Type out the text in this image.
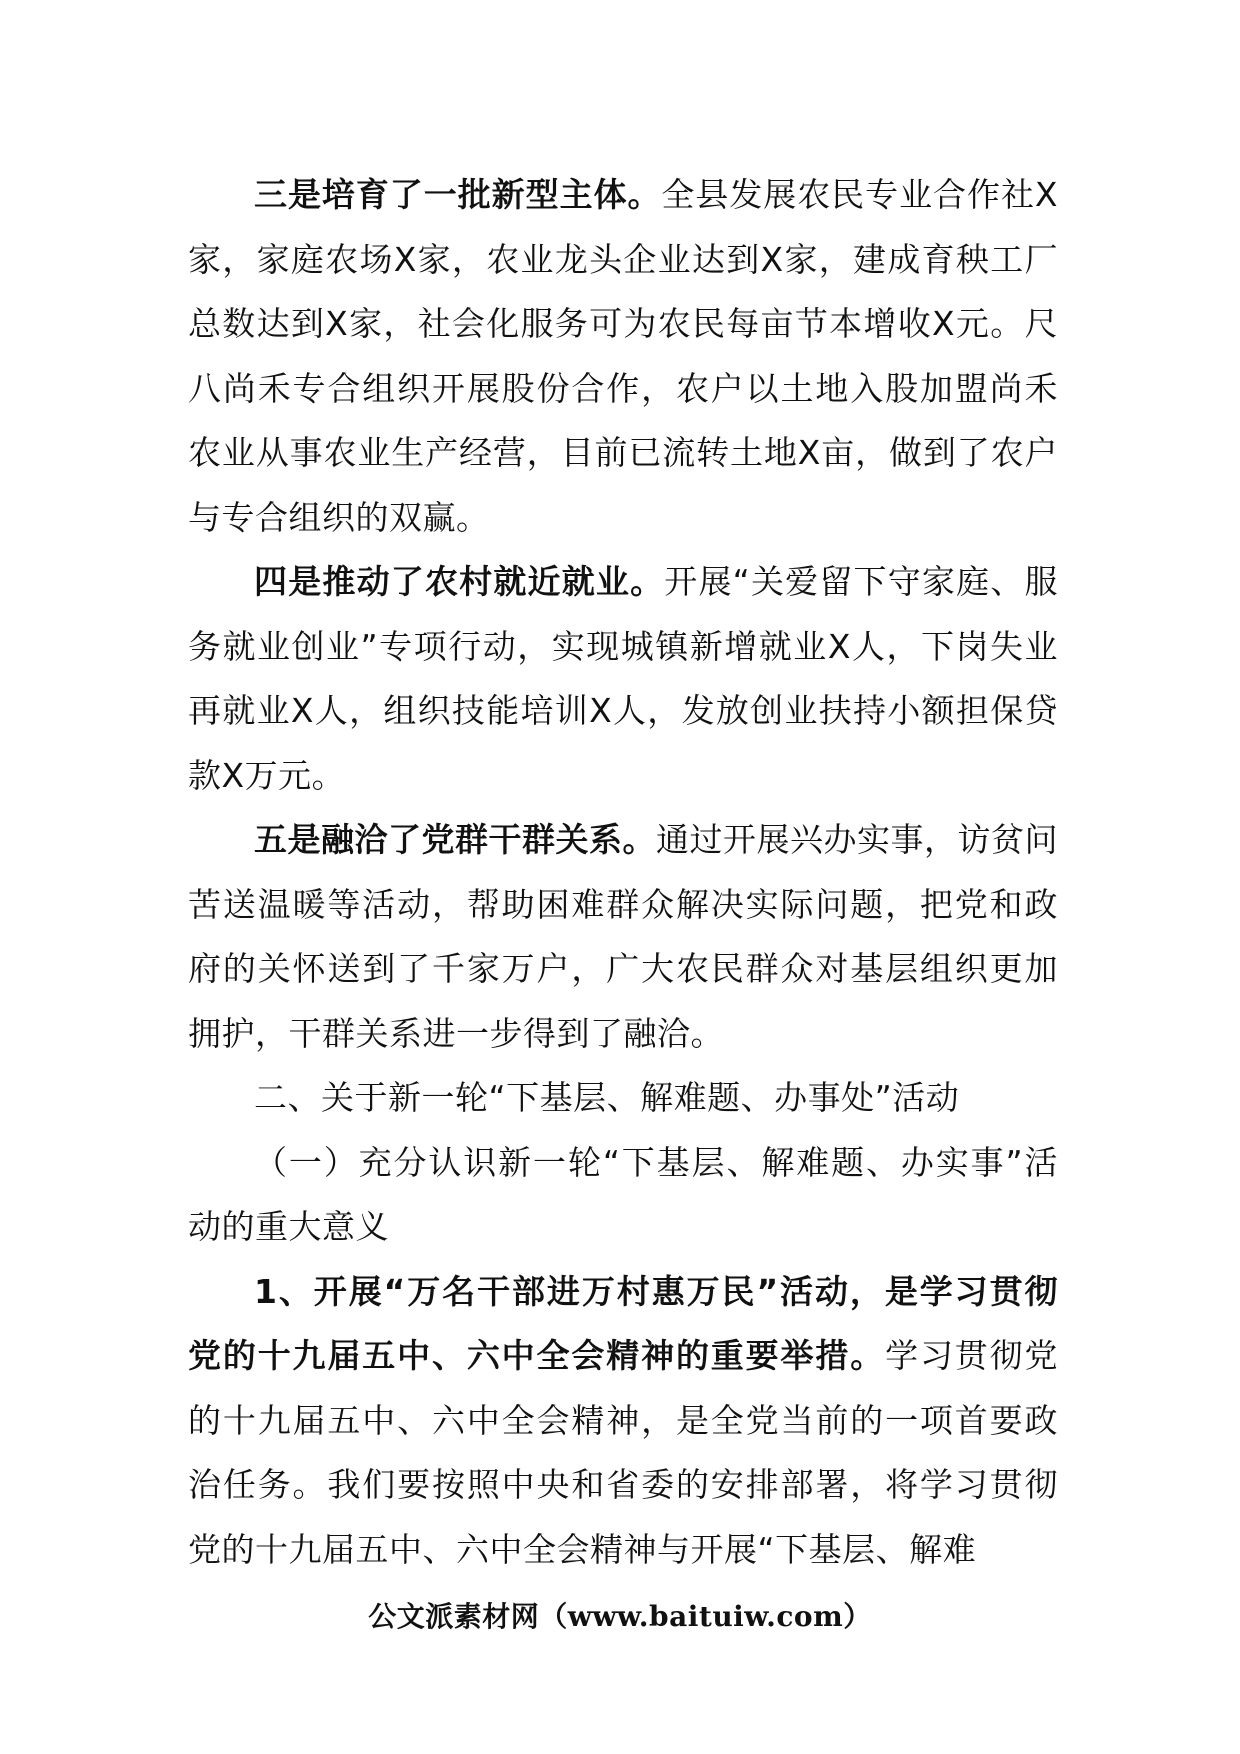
三是培育了一批新型主体。全县发展农民专业合作社X家，家庭农场X家，农业龙头企业达到X家，建成育秧工厂总数达到X家，社会化服务可为农民每亩节本增收X元。尺八尚禾专合组织开展股份合作，农户以土地入股加盟尚禾农业从事农业生产经营，目前已流转土地X亩，做到了农户与专合组织的双赢。

四是推动了农村就近就业。开展“关爱留下守家庭、服务就业创业”专项行动，实现城镇新增就业X人，下岗失业再就业X人，组织技能培训X人，发放创业扶持小额担保贷款X万元。

五是融洽了党群干群关系。通过开展兴办实事，访贫问苦送温暖等活动，帮助困难群众解决实际问题，把党和政府的关怀送到了千家万户，广大农民群众对基层组织更加拥护，干群关系进一步得到了融洽。

二、关于新一轮“下基层、解难题、办事处”活动

（一）充分认识新一轮“下基层、解难题、办实事”活动的重大意义

1、开展“万名干部进万村惠万民”活动，是学习贯彻党的十九届五中、六中全会精神的重要举措。学习贯彻党的十九届五中、六中全会精神，是全党当前的一项首要政治任务。我们要按照中央和省委的安排部署，将学习贯彻党的十九届五中、六中全会精神与开展“下基层、解难

公文派素材网（www.baituiw.com）
